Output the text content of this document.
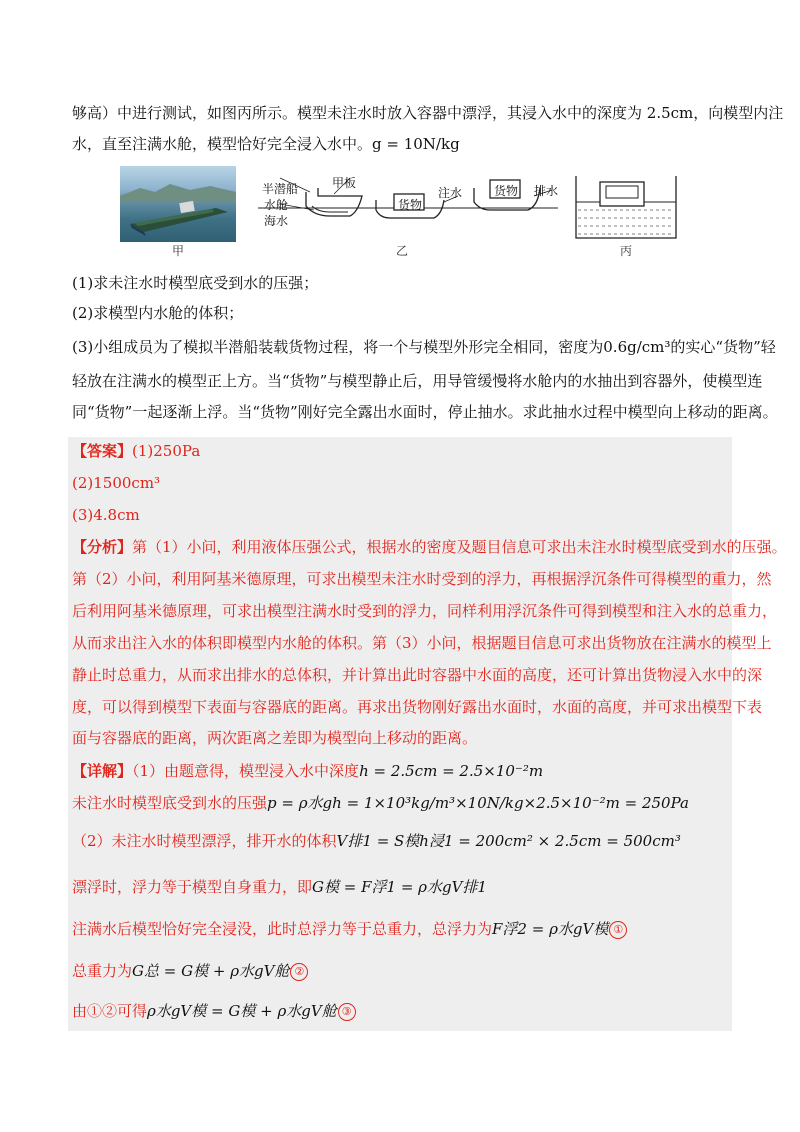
够高）中进行测试，如图丙所示。模型未注水时放入容器中漂浮，其浸入水中的深度为 2.5cm，向模型内注
水，直至注满水舱，模型恰好完全浸入水中。g = 10N/kg
甲
半潜船	甲板
水舱
海水
货物
注水	货物 排水
乙	丙
(1)求未注水时模型底受到水的压强；
(2)求模型内水舱的体积；
(3)小组成员为了模拟半潜船装载货物过程，将一个与模型外形完全相同，密度为0.6g/cm³的实心“货物”轻
轻放在注满水的模型正上方。当“货物”与模型静止后，用导管缓慢将水舱内的水抽出到容器外，使模型连
同“货物”一起逐渐上浮。当“货物”刚好完全露出水面时，停止抽水。求此抽水过程中模型向上移动的距离。
【答案】(1)250Pa
(2)1500cm³
(3)4.8cm
【分析】第（1）小问，利用液体压强公式，根据水的密度及题目信息可求出未注水时模型底受到水的压强。
第（2）小问，利用阿基米德原理，可求出模型未注水时受到的浮力，再根据浮沉条件可得模型的重力，然
后利用阿基米德原理，可求出模型注满水时受到的浮力，同样利用浮沉条件可得到模型和注入水的总重力，
从而求出注入水的体积即模型内水舱的体积。第（3）小问，根据题目信息可求出货物放在注满水的模型上
静止时总重力，从而求出排水的总体积，并计算出此时容器中水面的高度，还可计算出货物浸入水中的深
度，可以得到模型下表面与容器底的距离。再求出货物刚好露出水面时，水面的高度，并可求出模型下表
面与容器底的距离，两次距离之差即为模型向上移动的距离。
【详解】（1）由题意得，模型浸入水中深度h = 2.5cm = 2.5×10⁻²m
未注水时模型底受到水的压强p = ρ水gh = 1×10³kg/m³×10N/kg×2.5×10⁻²m = 250Pa
（2）未注水时模型漂浮，排开水的体积V排1 = S模h浸1 = 200cm² × 2.5cm = 500cm³
漂浮时，浮力等于模型自身重力，即G模 = F浮1 = ρ水gV排1
注满水后模型恰好完全浸没，此时总浮力等于总重力，总浮力为F浮2 = ρ水gV模 ①
总重力为G总 = G模 + ρ水gV舱 ②
由①②可得ρ水gV模 = G模 + ρ水gV舱 ③
